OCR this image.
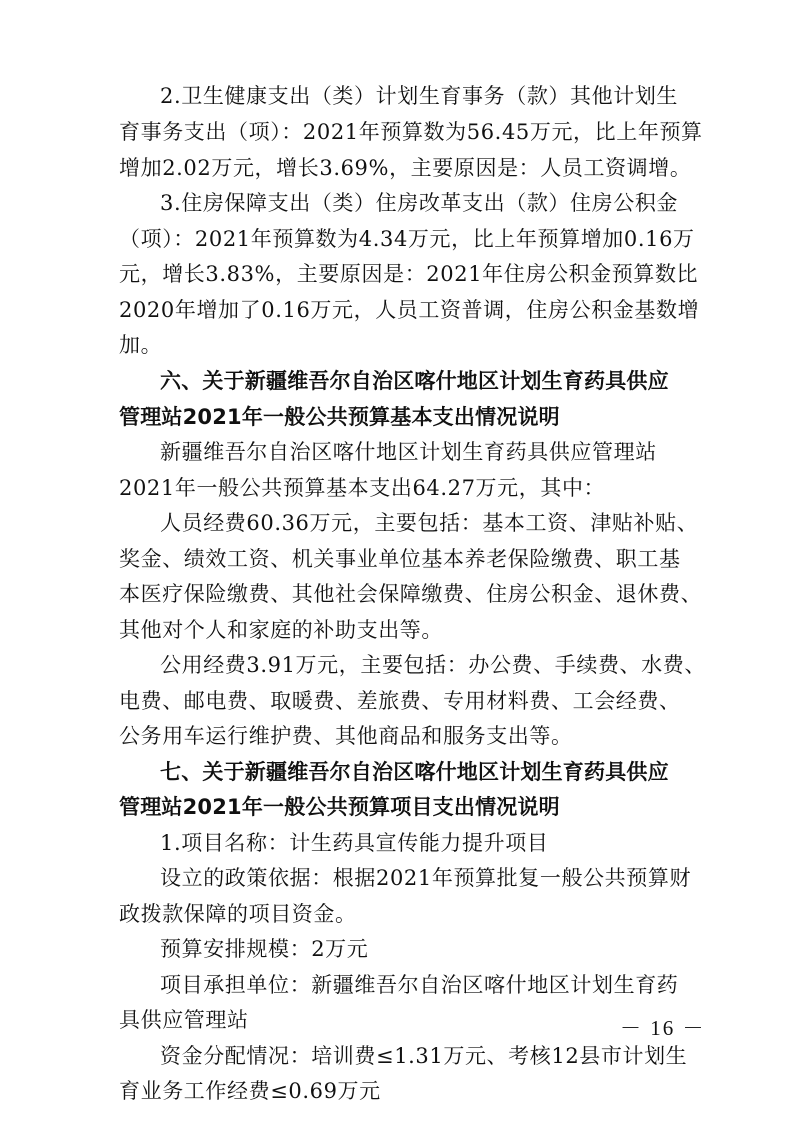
2.卫生健康支出（类）计划生育事务（款）其他计划生
育事务支出（项）：2021年预算数为56.45万元，比上年预算
增加2.02万元，增长3.69%，主要原因是：人员工资调增。
3.住房保障支出（类）住房改革支出（款）住房公积金
（项）：2021年预算数为4.34万元，比上年预算增加0.16万
元，增长3.83%，主要原因是：2021年住房公积金预算数比
2020年增加了0.16万元，人员工资普调，住房公积金基数增
加。
六、关于新疆维吾尔自治区喀什地区计划生育药具供应
管理站2021年一般公共预算基本支出情况说明
新疆维吾尔自治区喀什地区计划生育药具供应管理站
2021年一般公共预算基本支出64.27万元，其中：
人员经费60.36万元，主要包括：基本工资、津贴补贴、
奖金、绩效工资、机关事业单位基本养老保险缴费、职工基
本医疗保险缴费、其他社会保障缴费、住房公积金、退休费、
其他对个人和家庭的补助支出等。
公用经费3.91万元，主要包括：办公费、手续费、水费、
电费、邮电费、取暖费、差旅费、专用材料费、工会经费、
公务用车运行维护费、其他商品和服务支出等。
七、关于新疆维吾尔自治区喀什地区计划生育药具供应
管理站2021年一般公共预算项目支出情况说明
1.项目名称：计生药具宣传能力提升项目
设立的政策依据：根据2021年预算批复一般公共预算财
政拨款保障的项目资金。
预算安排规模：2万元
项目承担单位：新疆维吾尔自治区喀什地区计划生育药
具供应管理站
资金分配情况：培训费≤1.31万元、考核12县市计划生
育业务工作经费≤0.69万元
－ 16 －
